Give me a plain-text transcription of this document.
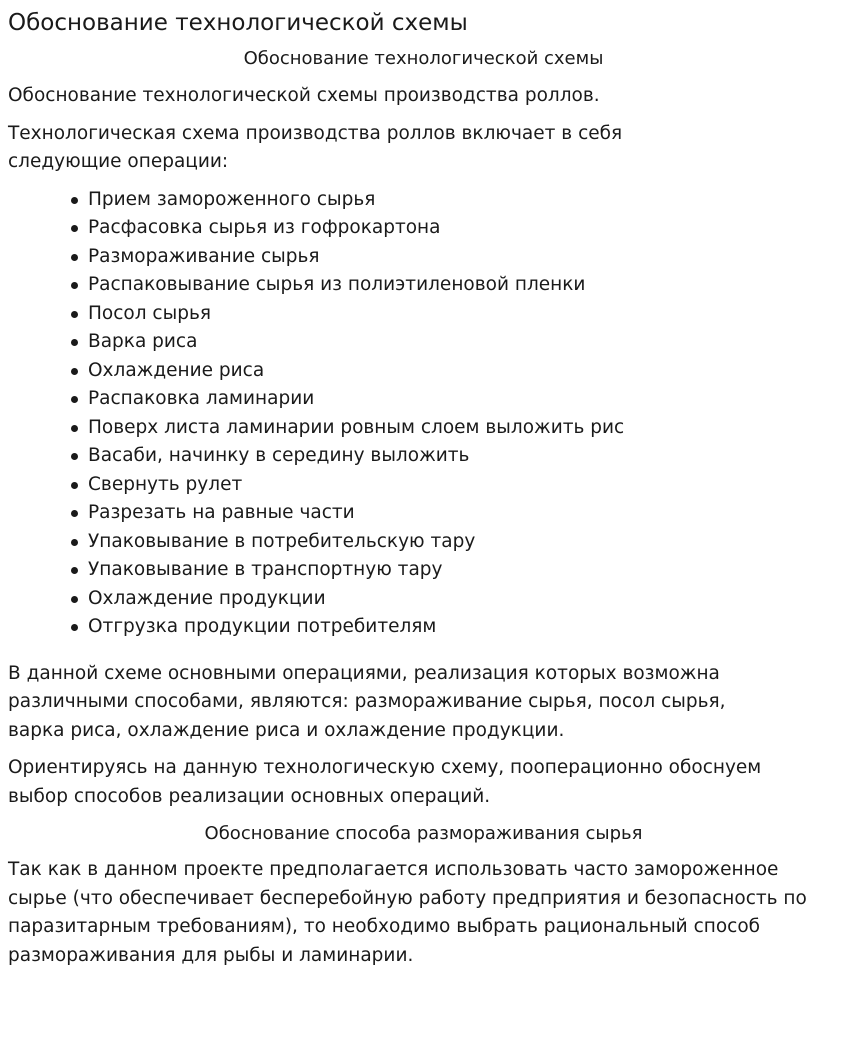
Обоснование технологической схемы
Обоснование технологической схемы

Обоснование технологической схемы производства роллов.

Технологическая схема производства роллов включает в себя следующие операции:

Прием замороженного сырья
Расфасовка сырья из гофрокартона
Размораживание сырья
Распаковывание сырья из полиэтиленовой пленки
Посол сырья
Варка риса
Охлаждение риса
Распаковка ламинарии
Поверх листа ламинарии ровным слоем выложить рис
Васаби, начинку в середину выложить
Свернуть рулет
Разрезать на равные части
Упаковывание в потребительскую тару
Упаковывание в транспортную тару
Охлаждение продукции
Отгрузка продукции потребителям

В данной схеме основными операциями, реализация которых возможна различными способами, являются: размораживание сырья, посол сырья, варка риса, охлаждение риса и охлаждение продукции.

Ориентируясь на данную технологическую схему, пооперационно обоснуем выбор способов реализации основных операций.

Обоснование способа размораживания сырья

Так как в данном проекте предполагается использовать часто замороженное сырье (что обеспечивает бесперебойную работу предприятия и безопасность по паразитарным требованиям), то необходимо выбрать рациональный способ размораживания для рыбы и ламинарии.
